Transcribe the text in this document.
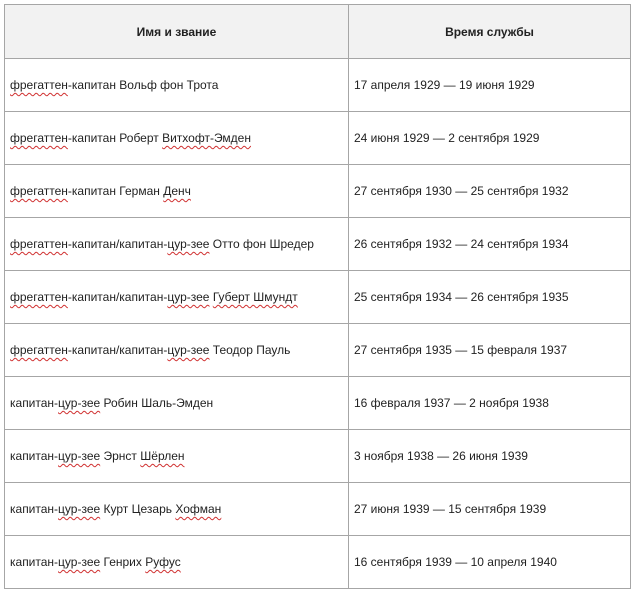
Имя и звание	Время службы
фрегаттен-капитан Вольф фон Трота	17 апреля 1929 — 19 июня 1929
фрегаттен-капитан Роберт Витхофт-Эмден	24 июня 1929 — 2 сентября 1929
фрегаттен-капитан Герман Денч	27 сентября 1930 — 25 сентября 1932
фрегаттен-капитан/капитан-цур-зее Отто фон Шредер	26 сентября 1932 — 24 сентября 1934
фрегаттен-капитан/капитан-цур-зее Губерт Шмундт	25 сентября 1934 — 26 сентября 1935
фрегаттен-капитан/капитан-цур-зее Теодор Пауль	27 сентября 1935 — 15 февраля 1937
капитан-цур-зее Робин Шаль-Эмден	16 февраля 1937 — 2 ноября 1938
капитан-цур-зее Эрнст Шёрлен	3 ноября 1938 — 26 июня 1939
капитан-цур-зее Курт Цезарь Хофман	27 июня 1939 — 15 сентября 1939
капитан-цур-зее Генрих Руфус	16 сентября 1939 — 10 апреля 1940
